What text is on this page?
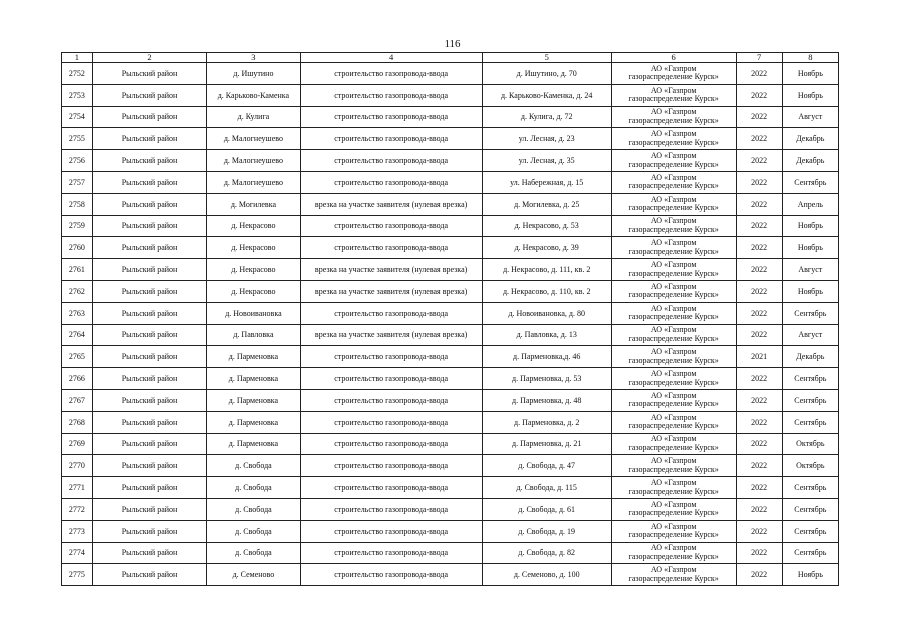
116
1	2	3	4	5	6	7	8
2752	Рыльский район	д. Ишутино	строительство газопровода-ввода	д. Ишутино, д. 70	АО «Газпром
газораспределение Курск»	2022	Ноябрь
2753	Рыльский район	д. Карьково-Каменка	строительство газопровода-ввода	д. Карьково-Каменка, д. 24	АО «Газпром
газораспределение Курск»	2022	Ноябрь
2754	Рыльский район	д. Кулига	строительство газопровода-ввода	д. Кулига, д. 72	АО «Газпром
газораспределение Курск»	2022	Август
2755	Рыльский район	д. Малогнеушево	строительство газопровода-ввода	ул. Лесная, д. 23	АО «Газпром
газораспределение Курск»	2022	Декабрь
2756	Рыльский район	д. Малогнеушево	строительство газопровода-ввода	ул. Лесная, д. 35	АО «Газпром
газораспределение Курск»	2022	Декабрь
2757	Рыльский район	д. Малогнеушево	строительство газопровода-ввода	ул. Набережная, д. 15	АО «Газпром
газораспределение Курск»	2022	Сентябрь
2758	Рыльский район	д. Могилевка	врезка на участке заявителя (нулевая врезка)	д. Могилевка, д. 25	АО «Газпром
газораспределение Курск»	2022	Апрель
2759	Рыльский район	д. Некрасово	строительство газопровода-ввода	д. Некрасово, д. 53	АО «Газпром
газораспределение Курск»	2022	Ноябрь
2760	Рыльский район	д. Некрасово	строительство газопровода-ввода	д. Некрасово, д. 39	АО «Газпром
газораспределение Курск»	2022	Ноябрь
2761	Рыльский район	д. Некрасово	врезка на участке заявителя (нулевая врезка)	д. Некрасово, д. 111, кв. 2	АО «Газпром
газораспределение Курск»	2022	Август
2762	Рыльский район	д. Некрасово	врезка на участке заявителя (нулевая врезка)	д. Некрасово, д. 110, кв. 2	АО «Газпром
газораспределение Курск»	2022	Ноябрь
2763	Рыльский район	д. Новоивановка	строительство газопровода-ввода	д. Новоивановка, д. 80	АО «Газпром
газораспределение Курск»	2022	Сентябрь
2764	Рыльский район	д. Павловка	врезка на участке заявителя (нулевая врезка)	д. Павловка, д. 13	АО «Газпром
газораспределение Курск»	2022	Август
2765	Рыльский район	д. Парменовка	строительство газопровода-ввода	д. Парменовка,д. 46	АО «Газпром
газораспределение Курск»	2021	Декабрь
2766	Рыльский район	д. Парменовка	строительство газопровода-ввода	д. Парменовка, д. 53	АО «Газпром
газораспределение Курск»	2022	Сентябрь
2767	Рыльский район	д. Парменовка	строительство газопровода-ввода	д. Парменовка, д. 48	АО «Газпром
газораспределение Курск»	2022	Сентябрь
2768	Рыльский район	д. Парменовка	строительство газопровода-ввода	д. Парменовка, д. 2	АО «Газпром
газораспределение Курск»	2022	Сентябрь
2769	Рыльский район	д. Парменовка	строительство газопровода-ввода	д. Парменовка, д. 21	АО «Газпром
газораспределение Курск»	2022	Октябрь
2770	Рыльский район	д. Свобода	строительство газопровода-ввода	д. Свобода, д. 47	АО «Газпром
газораспределение Курск»	2022	Октябрь
2771	Рыльский район	д. Свобода	строительство газопровода-ввода	д. Свобода, д. 115	АО «Газпром
газораспределение Курск»	2022	Сентябрь
2772	Рыльский район	д. Свобода	строительство газопровода-ввода	д. Свобода, д. 61	АО «Газпром
газораспределение Курск»	2022	Сентябрь
2773	Рыльский район	д. Свобода	строительство газопровода-ввода	д. Свобода, д. 19	АО «Газпром
газораспределение Курск»	2022	Сентябрь
2774	Рыльский район	д. Свобода	строительство газопровода-ввода	д. Свобода, д. 82	АО «Газпром
газораспределение Курск»	2022	Сентябрь
2775	Рыльский район	д. Семеново	строительство газопровода-ввода	д. Семеново, д. 100	АО «Газпром
газораспределение Курск»	2022	Ноябрь
